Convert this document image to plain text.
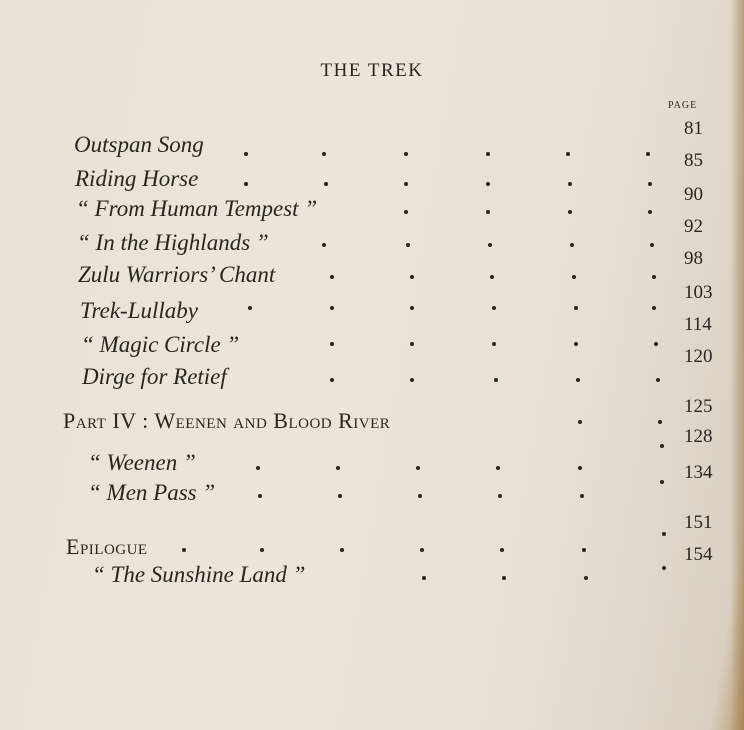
THE TREK
PAGE
Outspan Song
81
Riding Horse
85
“ From Human Tempest ”
90
“ In the Highlands ”
92
Zulu Warriors’ Chant
98
Trek-Lullaby
103
“ Magic Circle ”
114
Dirge for Retief
120
Part IV : Weenen and Blood River
125
“ Weenen ”
128
“ Men Pass ”
134
Epilogue
151
“ The Sunshine Land ”
154
